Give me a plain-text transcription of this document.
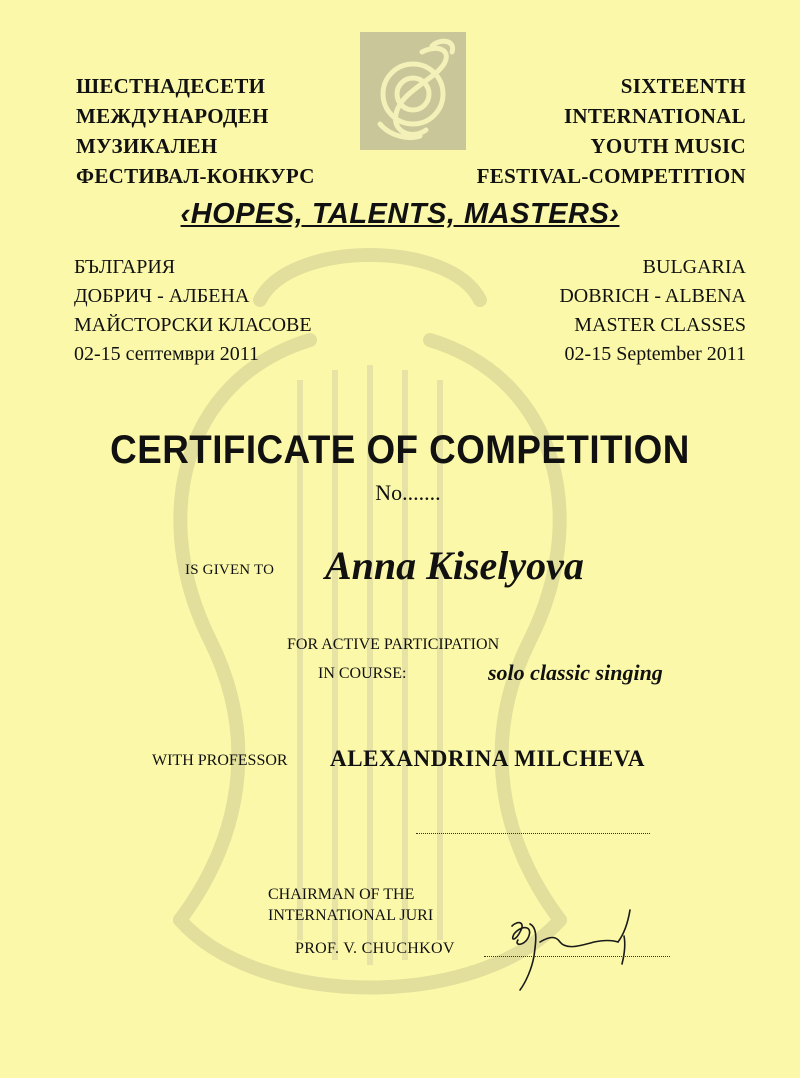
ШЕСТНАДЕСЕТИ
МЕЖДУНАРОДЕН
МУЗИКАЛЕН
ФЕСТИВАЛ-КОНКУРС
SIXTEENTH
INTERNATIONAL
YOUTH MUSIC
FESTIVAL-COMPETITION
‹HOPES, TALENTS, MASTERS›
БЪЛГАРИЯ
ДОБРИЧ - АЛБЕНА
МАЙСТОРСКИ КЛАСОВЕ
02-15 септември 2011
BULGARIA
DOBRICH - ALBENA
MASTER CLASSES
02-15 September 2011
CERTIFICATE OF COMPETITION
No.......
IS GIVEN TO Anna Kiselyova
FOR ACTIVE PARTICIPATION
IN COURSE:	solo classic singing
WITH PROFESSOR ALEXANDRINA MILCHEVA
CHAIRMAN OF THE
INTERNATIONAL JURI
PROF. V. CHUCHKOV
